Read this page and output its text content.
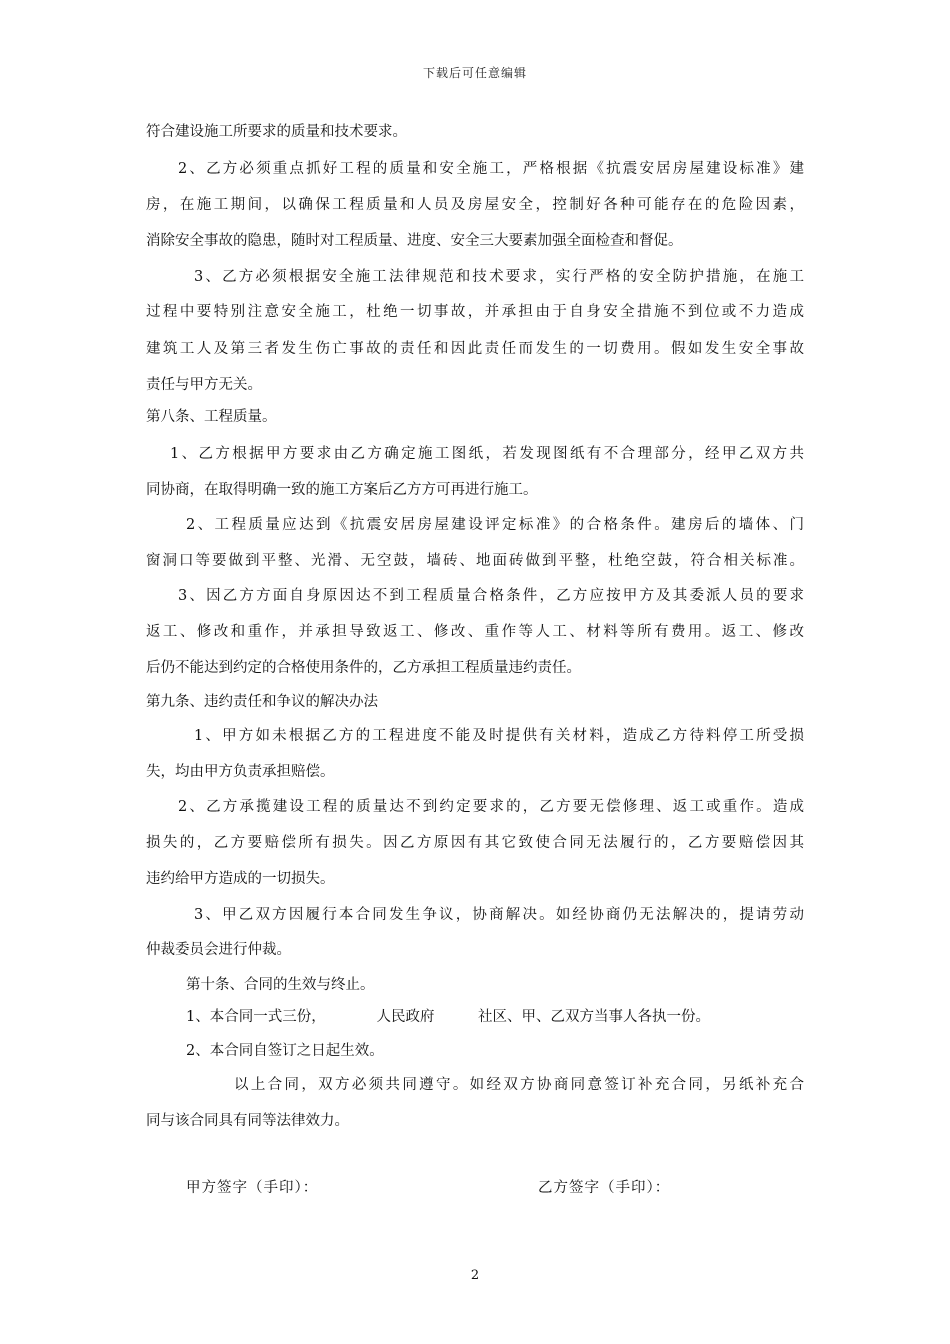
下载后可任意编辑
符合建设施工所要求的质量和技术要求。
2、乙方必须重点抓好工程的质量和安全施工，严格根据《抗震安居房屋建设标准》建
房，在施工期间，以确保工程质量和人员及房屋安全，控制好各种可能存在的危险因素，
消除安全事故的隐患，随时对工程质量、进度、安全三大要素加强全面检查和督促。
3、乙方必须根据安全施工法律规范和技术要求，实行严格的安全防护措施，在施工
过程中要特别注意安全施工，杜绝一切事故，并承担由于自身安全措施不到位或不力造成
建筑工人及第三者发生伤亡事故的责任和因此责任而发生的一切费用。假如发生安全事故
责任与甲方无关。
第八条、工程质量。
1、乙方根据甲方要求由乙方确定施工图纸，若发现图纸有不合理部分，经甲乙双方共
同协商，在取得明确一致的施工方案后乙方方可再进行施工。
2、工程质量应达到《抗震安居房屋建设评定标准》的合格条件。建房后的墙体、门
窗洞口等要做到平整、光滑、无空鼓，墙砖、地面砖做到平整，杜绝空鼓，符合相关标准。
3、因乙方方面自身原因达不到工程质量合格条件，乙方应按甲方及其委派人员的要求
返工、修改和重作，并承担导致返工、修改、重作等人工、材料等所有费用。返工、修改
后仍不能达到约定的合格使用条件的，乙方承担工程质量违约责任。
第九条、违约责任和争议的解决办法
1、甲方如未根据乙方的工程进度不能及时提供有关材料，造成乙方待料停工所受损
失，均由甲方负责承担赔偿。
2、乙方承揽建设工程的质量达不到约定要求的，乙方要无偿修理、返工或重作。造成
损失的，乙方要赔偿所有损失。因乙方原因有其它致使合同无法履行的，乙方要赔偿因其
违约给甲方造成的一切损失。
3、甲乙双方因履行本合同发生争议，协商解决。如经协商仍无法解决的，提请劳动
仲裁委员会进行仲裁。
第十条、合同的生效与终止。
1、本合同一式三份，　　　　人民政府　　　社区、甲、乙双方当事人各执一份。
2、本合同自签订之日起生效。
以上合同，双方必须共同遵守。如经双方协商同意签订补充合同，另纸补充合
同与该合同具有同等法律效力。
甲方签字（手印）：	乙方签字（手印）：
2
